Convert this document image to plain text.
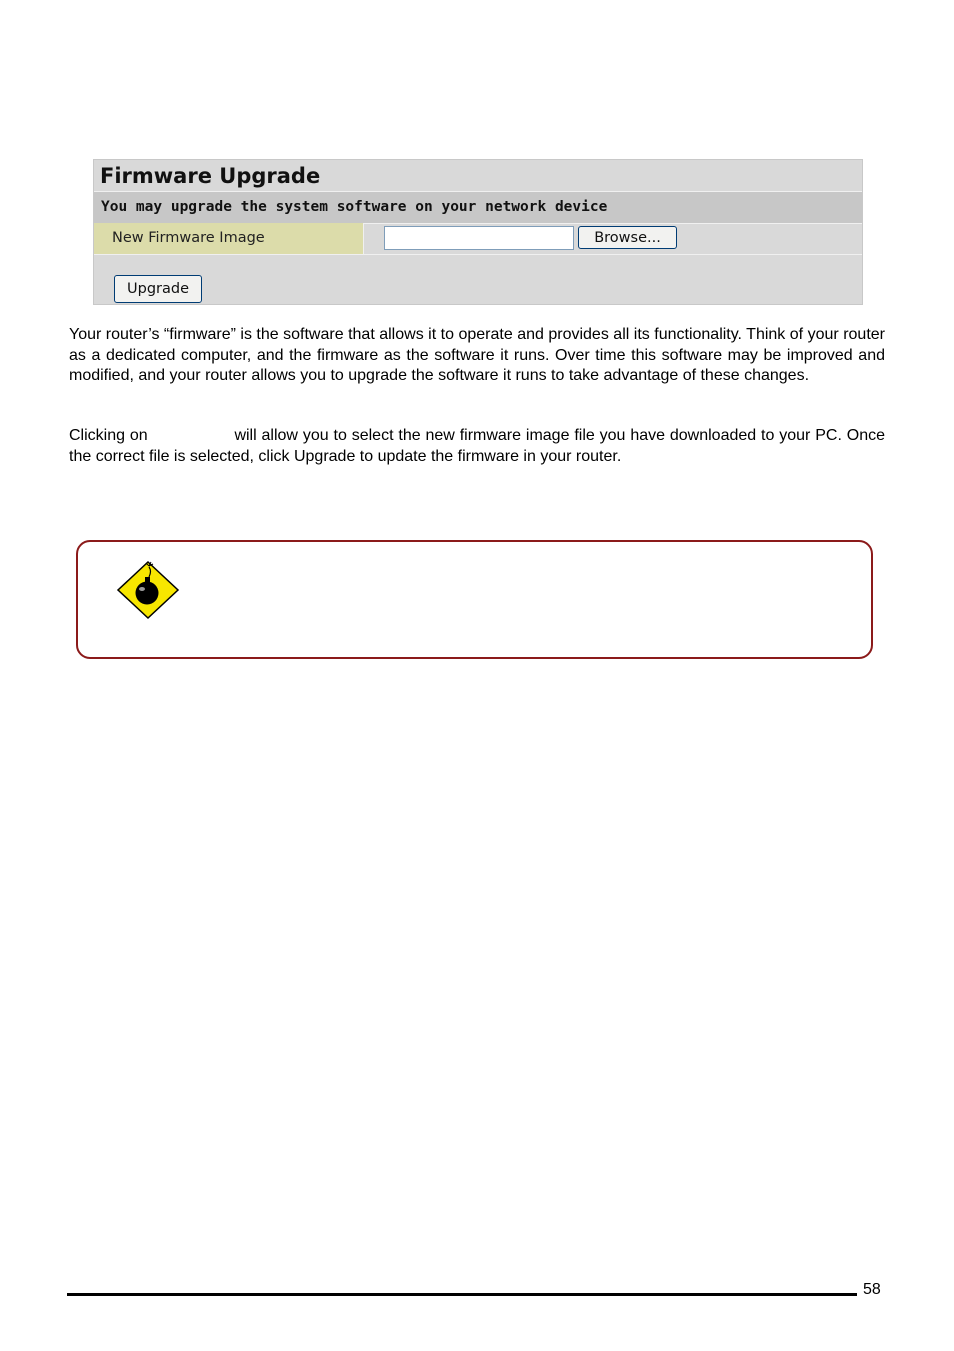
Firmware Upgrade
You may upgrade the system software on your network device
New Firmware Image	Browse...
Upgrade

Your router’s “firmware” is the software that allows it to operate and provides all its functionality. Think of your router as a dedicated computer, and the firmware as the software it runs. Over time this software may be improved and modified, and your router allows you to upgrade the software it runs to take advantage of these changes.

Clicking on	will allow you to select the new firmware image file you have downloaded to your PC. Once the correct file is selected, click Upgrade to update the firmware in your router.

58
